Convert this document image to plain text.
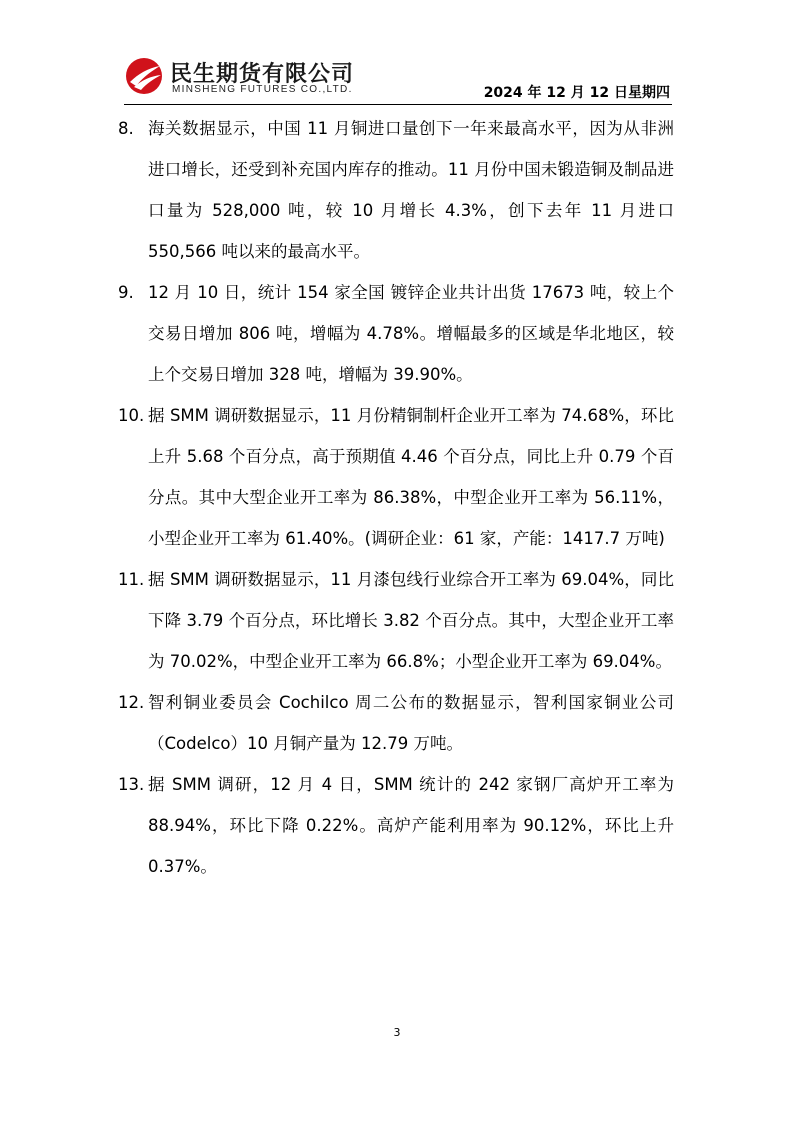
民生期货有限公司
MINSHENG FUTURES CO.,LTD.	2024 年 12 月 12 日星期四
8. 海关数据显示，中国 11 月铜进口量创下一年来最高水平，因为从非洲进口增长，还受到补充国内库存的推动。11 月份中国未锻造铜及制品进口量为 528,000 吨，较 10 月增长 4.3%，创下去年 11 月进口 550,566 吨以来的最高水平。

9. 12 月 10 日，统计 154 家全国 镀锌企业共计出货 17673 吨，较上个交易日增加 806 吨，增幅为 4.78%。增幅最多的区域是华北地区，较上个交易日增加 328 吨，增幅为 39.90%。

10. 据 SMM 调研数据显示，11 月份精铜制杆企业开工率为 74.68%，环比上升 5.68 个百分点，高于预期值 4.46 个百分点，同比上升 0.79 个百分点。其中大型企业开工率为 86.38%，中型企业开工率为 56.11%，小型企业开工率为 61.40%。(调研企业：61 家，产能：1417.7 万吨)

11. 据 SMM 调研数据显示，11 月漆包线行业综合开工率为 69.04%，同比下降 3.79 个百分点，环比增长 3.82 个百分点。其中，大型企业开工率为 70.02%，中型企业开工率为 66.8%；小型企业开工率为 69.04%。

12. 智利铜业委员会 Cochilco 周二公布的数据显示，智利国家铜业公司（Codelco）10 月铜产量为 12.79 万吨。

13. 据 SMM 调研，12 月 4 日，SMM 统计的 242 家钢厂高炉开工率为 88.94%，环比下降 0.22%。高炉产能利用率为 90.12%，环比上升 0.37%。

3
